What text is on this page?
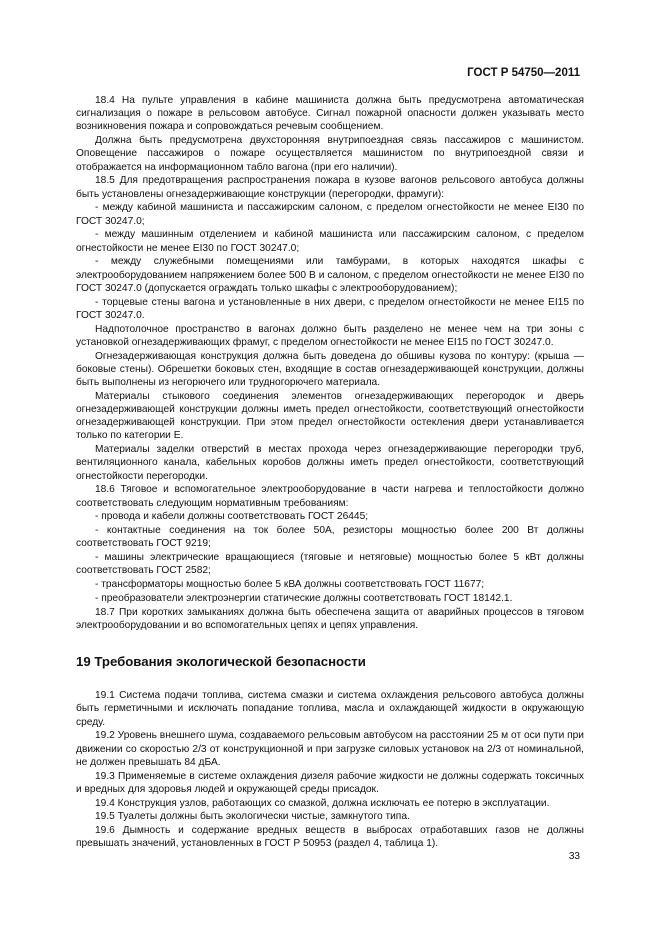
ГОСТ Р 54750—2011

18.4 На пульте управления в кабине машиниста должна быть предусмотрена автоматическая сигнализация о пожаре в рельсовом автобусе. Сигнал пожарной опасности должен указывать место возникновения пожара и сопровождаться речевым сообщением.

Должна быть предусмотрена двухсторонняя внутрипоездная связь пассажиров с машинистом. Оповещение пассажиров о пожаре осуществляется машинистом по внутрипоездной связи и отображается на информационном табло вагона (при его наличии).

18.5 Для предотвращения распространения пожара в кузове вагонов рельсового автобуса должны быть установлены огнезадерживающие конструкции (перегородки, фрамуги):

- между кабиной машиниста и пассажирским салоном, с пределом огнестойкости не менее EI30 по ГОСТ 30247.0;

- между машинным отделением и кабиной машиниста или пассажирским салоном, с пределом огнестойкости не менее EI30 по ГОСТ 30247.0;

- между служебными помещениями или тамбурами, в которых находятся шкафы с электрооборудованием напряжением более 500 В и салоном, с пределом огнестойкости не менее EI30 по ГОСТ 30247.0 (допускается ограждать только шкафы с электрооборудованием);

- торцевые стены вагона и установленные в них двери, с пределом огнестойкости не менее EI15 по ГОСТ 30247.0.

Надпотолочное пространство в вагонах должно быть разделено не менее чем на три зоны с установкой огнезадерживающих фрамуг, с пределом огнестойкости не менее EI15 по ГОСТ 30247.0.

Огнезадерживающая конструкция должна быть доведена до обшивы кузова по контуру: (крыша — боковые стены). Обрешетки боковых стен, входящие в состав огнезадерживающей конструкции, должны быть выполнены из негорючего или трудногорючего материала.

Материалы стыкового соединения элементов огнезадерживающих перегородок и дверь огнезадерживающей конструкции должны иметь предел огнестойкости, соответствующий огнестойкости огнезадерживающей конструкции. При этом предел огнестойкости остекления двери устанавливается только по категории Е.

Материалы заделки отверстий в местах прохода через огнезадерживающие перегородки труб, вентиляционного канала, кабельных коробов должны иметь предел огнестойкости, соответствующий огнестойкости перегородки.

18.6 Тяговое и вспомогательное электрооборудование в части нагрева и теплостойкости должно соответствовать следующим нормативным требованиям:

- провода и кабели должны соответствовать ГОСТ 26445;

- контактные соединения на ток более 50А, резисторы мощностью более 200 Вт должны соответствовать ГОСТ 9219;

- машины электрические вращающиеся (тяговые и нетяговые) мощностью более 5 кВт должны соответствовать ГОСТ 2582;

- трансформаторы мощностью более 5 кВА должны соответствовать ГОСТ 11677;

- преобразователи электроэнергии статические должны соответствовать ГОСТ 18142.1.

18.7 При коротких замыканиях должна быть обеспечена защита от аварийных процессов в тяговом электрооборудовании и во вспомогательных цепях и цепях управления.

19 Требования экологической безопасности

19.1 Система подачи топлива, система смазки и система охлаждения рельсового автобуса должны быть герметичными и исключать попадание топлива, масла и охлаждающей жидкости в окружающую среду.

19.2 Уровень внешнего шума, создаваемого рельсовым автобусом на расстоянии 25 м от оси пути при движении со скоростью 2/3 от конструкционной и при загрузке силовых установок на 2/3 от номинальной, не должен превышать 84 дБА.

19.3 Применяемые в системе охлаждения дизеля рабочие жидкости не должны содержать токсичных и вредных для здоровья людей и окружающей среды присадок.

19.4 Конструкция узлов, работающих со смазкой, должна исключать ее потерю в эксплуатации.

19.5 Туалеты должны быть экологически чистые, замкнутого типа.

19.6 Дымность и содержание вредных веществ в выбросах отработавших газов не должны превышать значений, установленных в ГОСТ Р 50953 (раздел 4, таблица 1).

33
